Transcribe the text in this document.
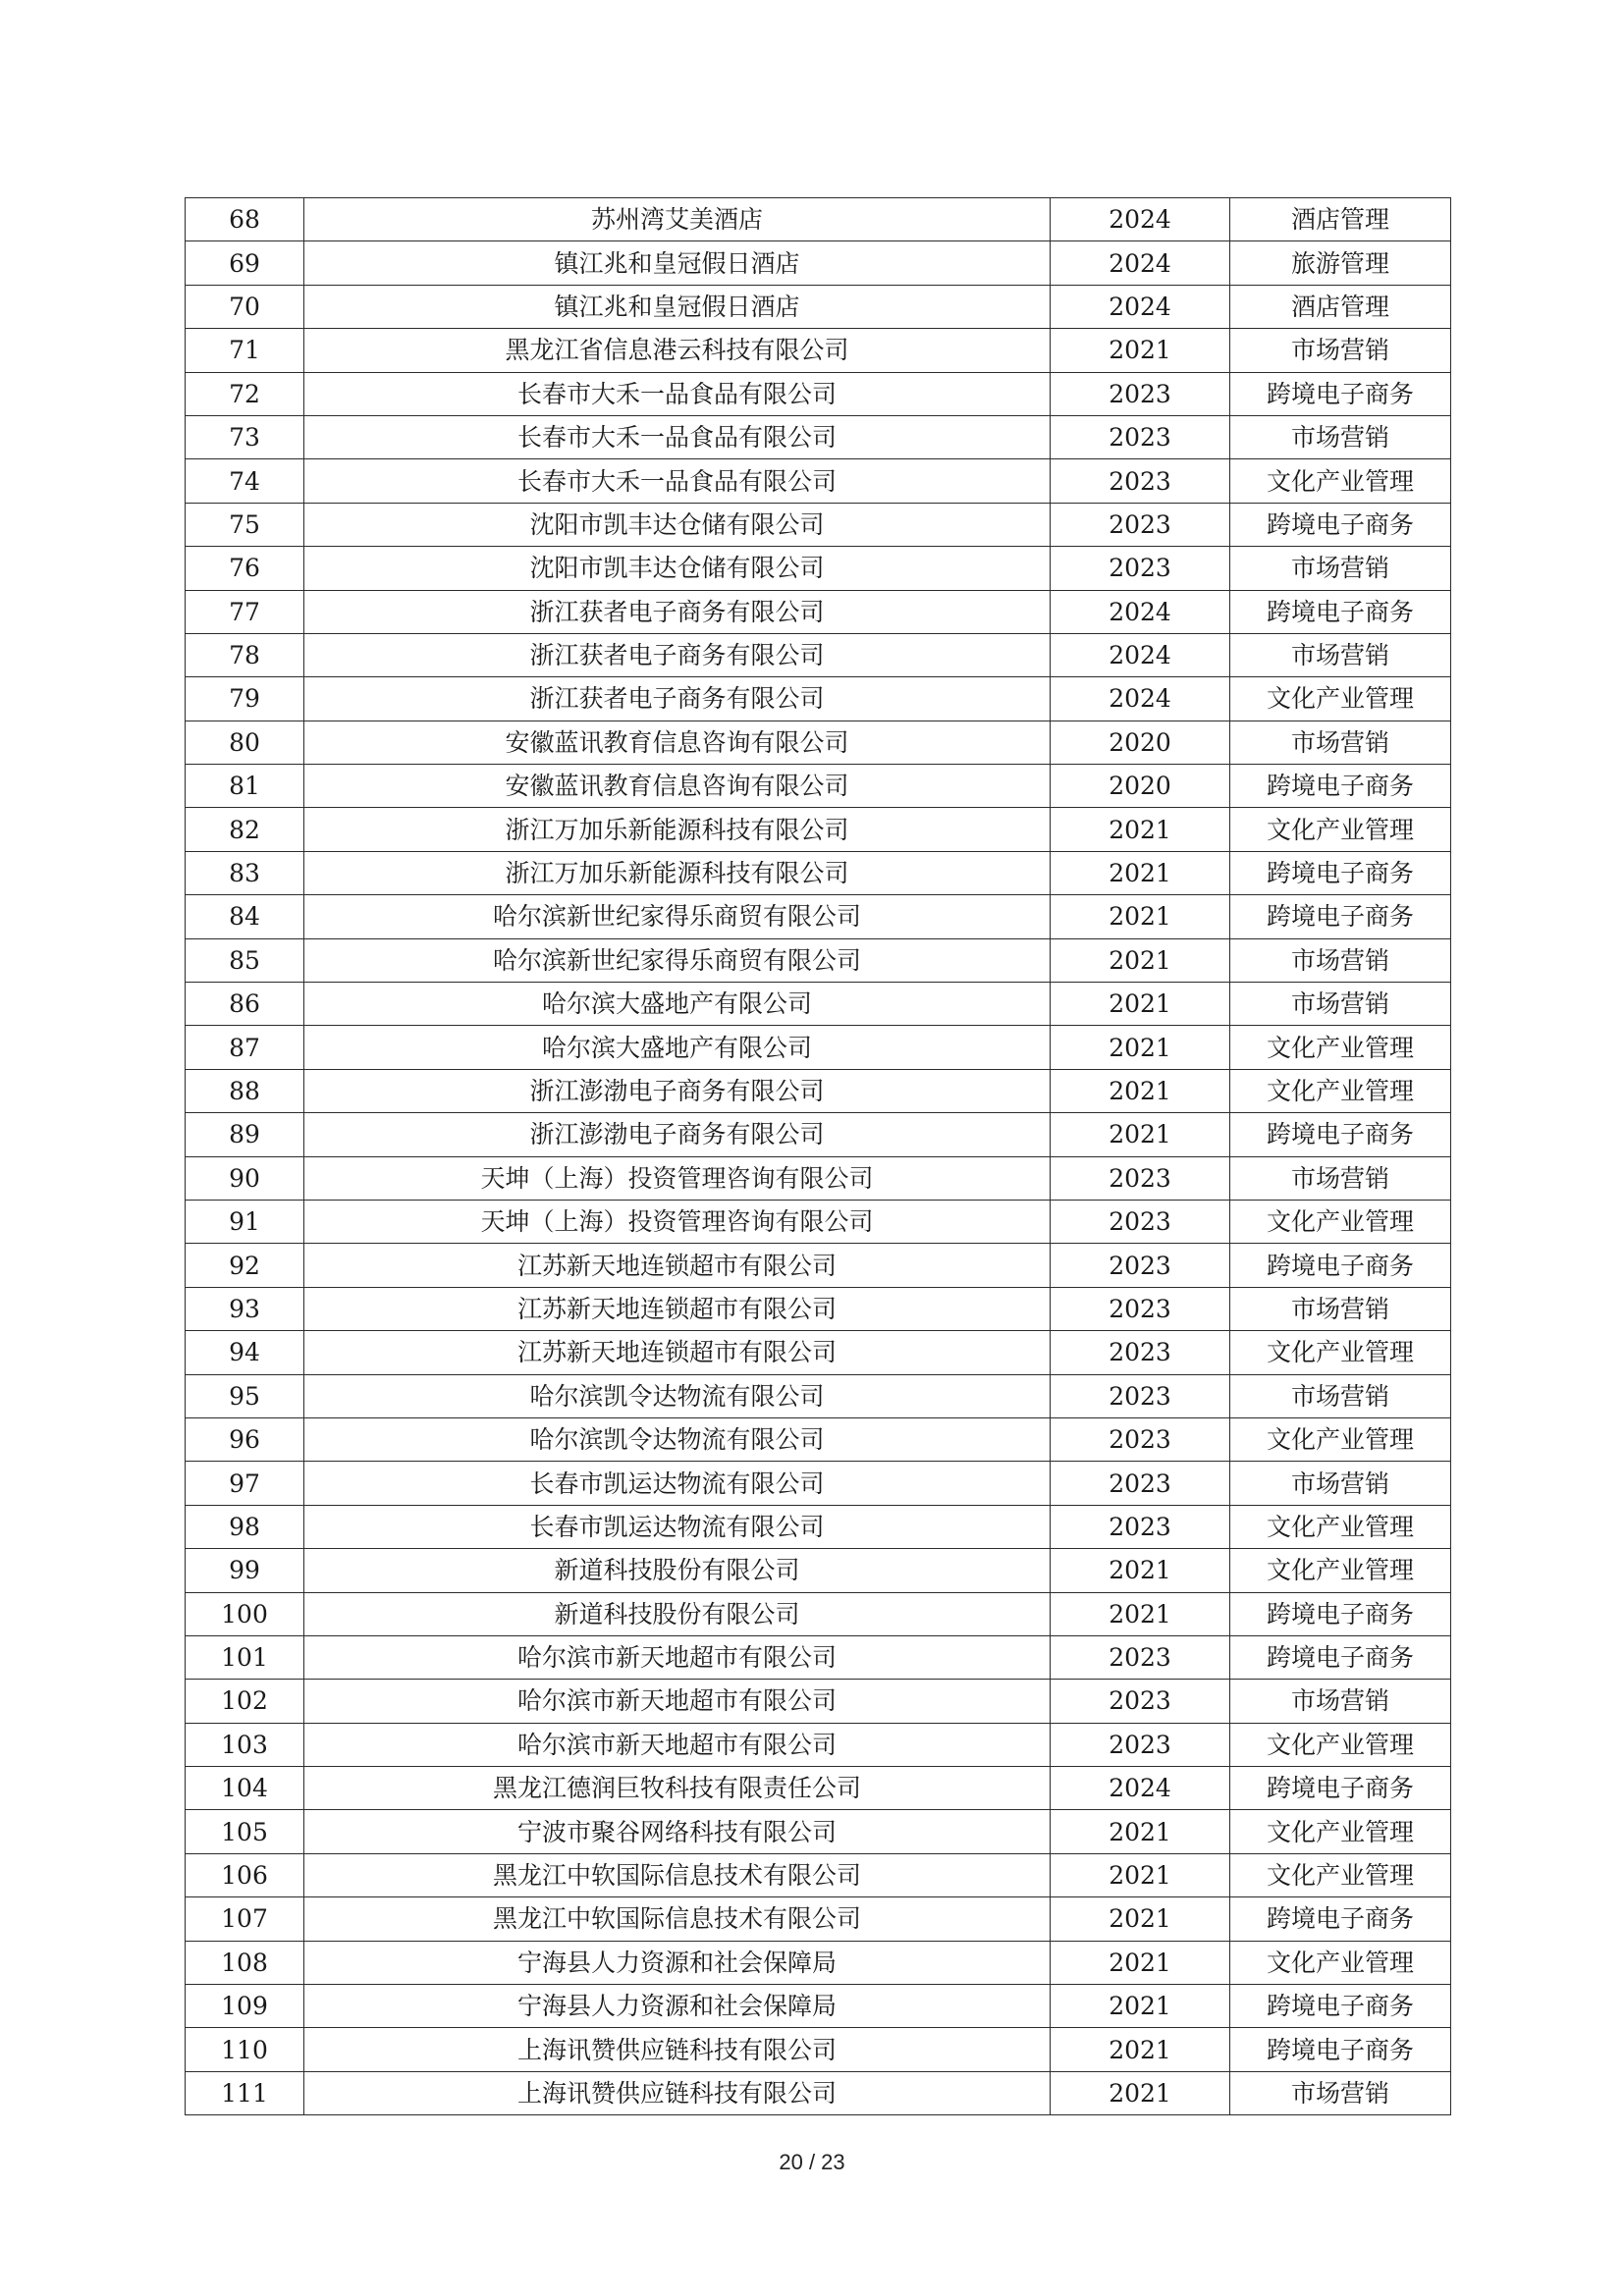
68	苏州湾艾美酒店	2024	酒店管理
69	镇江兆和皇冠假日酒店	2024	旅游管理
70	镇江兆和皇冠假日酒店	2024	酒店管理
71	黑龙江省信息港云科技有限公司	2021	市场营销
72	长春市大禾一品食品有限公司	2023	跨境电子商务
73	长春市大禾一品食品有限公司	2023	市场营销
74	长春市大禾一品食品有限公司	2023	文化产业管理
75	沈阳市凯丰达仓储有限公司	2023	跨境电子商务
76	沈阳市凯丰达仓储有限公司	2023	市场营销
77	浙江获者电子商务有限公司	2024	跨境电子商务
78	浙江获者电子商务有限公司	2024	市场营销
79	浙江获者电子商务有限公司	2024	文化产业管理
80	安徽蓝讯教育信息咨询有限公司	2020	市场营销
81	安徽蓝讯教育信息咨询有限公司	2020	跨境电子商务
82	浙江万加乐新能源科技有限公司	2021	文化产业管理
83	浙江万加乐新能源科技有限公司	2021	跨境电子商务
84	哈尔滨新世纪家得乐商贸有限公司	2021	跨境电子商务
85	哈尔滨新世纪家得乐商贸有限公司	2021	市场营销
86	哈尔滨大盛地产有限公司	2021	市场营销
87	哈尔滨大盛地产有限公司	2021	文化产业管理
88	浙江澎渤电子商务有限公司	2021	文化产业管理
89	浙江澎渤电子商务有限公司	2021	跨境电子商务
90	天坤（上海）投资管理咨询有限公司	2023	市场营销
91	天坤（上海）投资管理咨询有限公司	2023	文化产业管理
92	江苏新天地连锁超市有限公司	2023	跨境电子商务
93	江苏新天地连锁超市有限公司	2023	市场营销
94	江苏新天地连锁超市有限公司	2023	文化产业管理
95	哈尔滨凯令达物流有限公司	2023	市场营销
96	哈尔滨凯令达物流有限公司	2023	文化产业管理
97	长春市凯运达物流有限公司	2023	市场营销
98	长春市凯运达物流有限公司	2023	文化产业管理
99	新道科技股份有限公司	2021	文化产业管理
100	新道科技股份有限公司	2021	跨境电子商务
101	哈尔滨市新天地超市有限公司	2023	跨境电子商务
102	哈尔滨市新天地超市有限公司	2023	市场营销
103	哈尔滨市新天地超市有限公司	2023	文化产业管理
104	黑龙江德润巨牧科技有限责任公司	2024	跨境电子商务
105	宁波市聚谷网络科技有限公司	2021	文化产业管理
106	黑龙江中软国际信息技术有限公司	2021	文化产业管理
107	黑龙江中软国际信息技术有限公司	2021	跨境电子商务
108	宁海县人力资源和社会保障局	2021	文化产业管理
109	宁海县人力资源和社会保障局	2021	跨境电子商务
110	上海讯赞供应链科技有限公司	2021	跨境电子商务
111	上海讯赞供应链科技有限公司	2021	市场营销
20 / 23
